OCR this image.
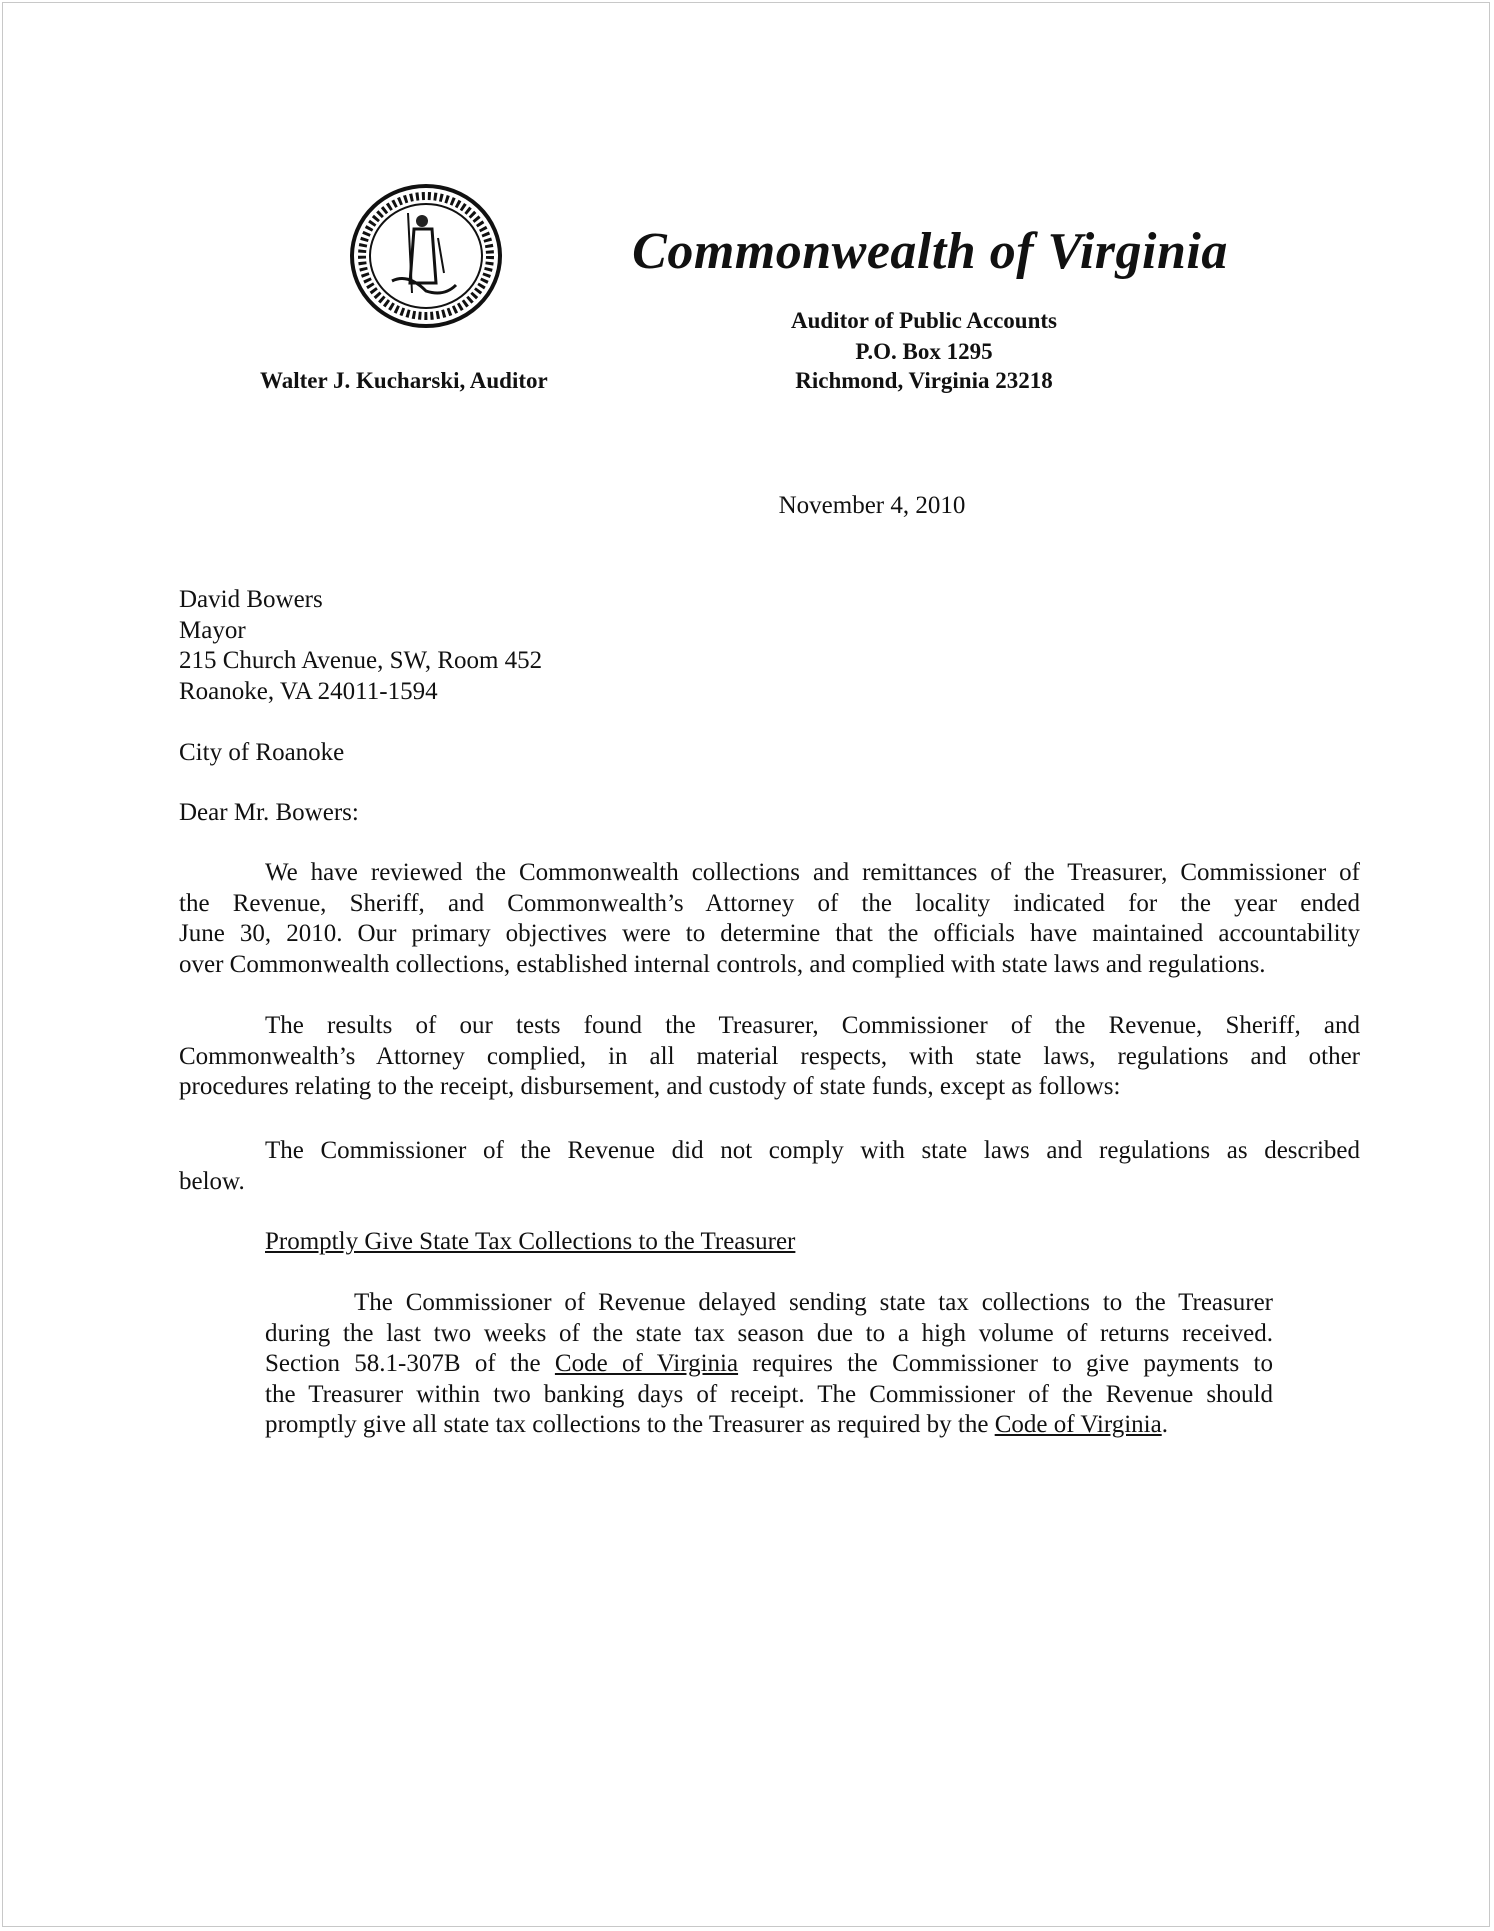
Commonwealth of Virginia
Auditor of Public Accounts
P.O. Box 1295
Richmond, Virginia 23218
Walter J. Kucharski, Auditor
November 4, 2010
David Bowers
Mayor
215 Church Avenue, SW, Room 452
Roanoke, VA 24011-1594
City of Roanoke
Dear Mr. Bowers:
We have reviewed the Commonwealth collections and remittances of the Treasurer, Commissioner of
the Revenue, Sheriff, and Commonwealth’s Attorney of the locality indicated for the year ended
June 30, 2010. Our primary objectives were to determine that the officials have maintained accountability
over Commonwealth collections, established internal controls, and complied with state laws and regulations.
The results of our tests found the Treasurer, Commissioner of the Revenue, Sheriff, and
Commonwealth’s Attorney complied, in all material respects, with state laws, regulations and other
procedures relating to the receipt, disbursement, and custody of state funds, except as follows:
The Commissioner of the Revenue did not comply with state laws and regulations as described
below.
Promptly Give State Tax Collections to the Treasurer
The Commissioner of Revenue delayed sending state tax collections to the Treasurer
during the last two weeks of the state tax season due to a high volume of returns received.
Section 58.1-307B of the Code of Virginia requires the Commissioner to give payments to
the Treasurer within two banking days of receipt. The Commissioner of the Revenue should
promptly give all state tax collections to the Treasurer as required by the Code of Virginia.
